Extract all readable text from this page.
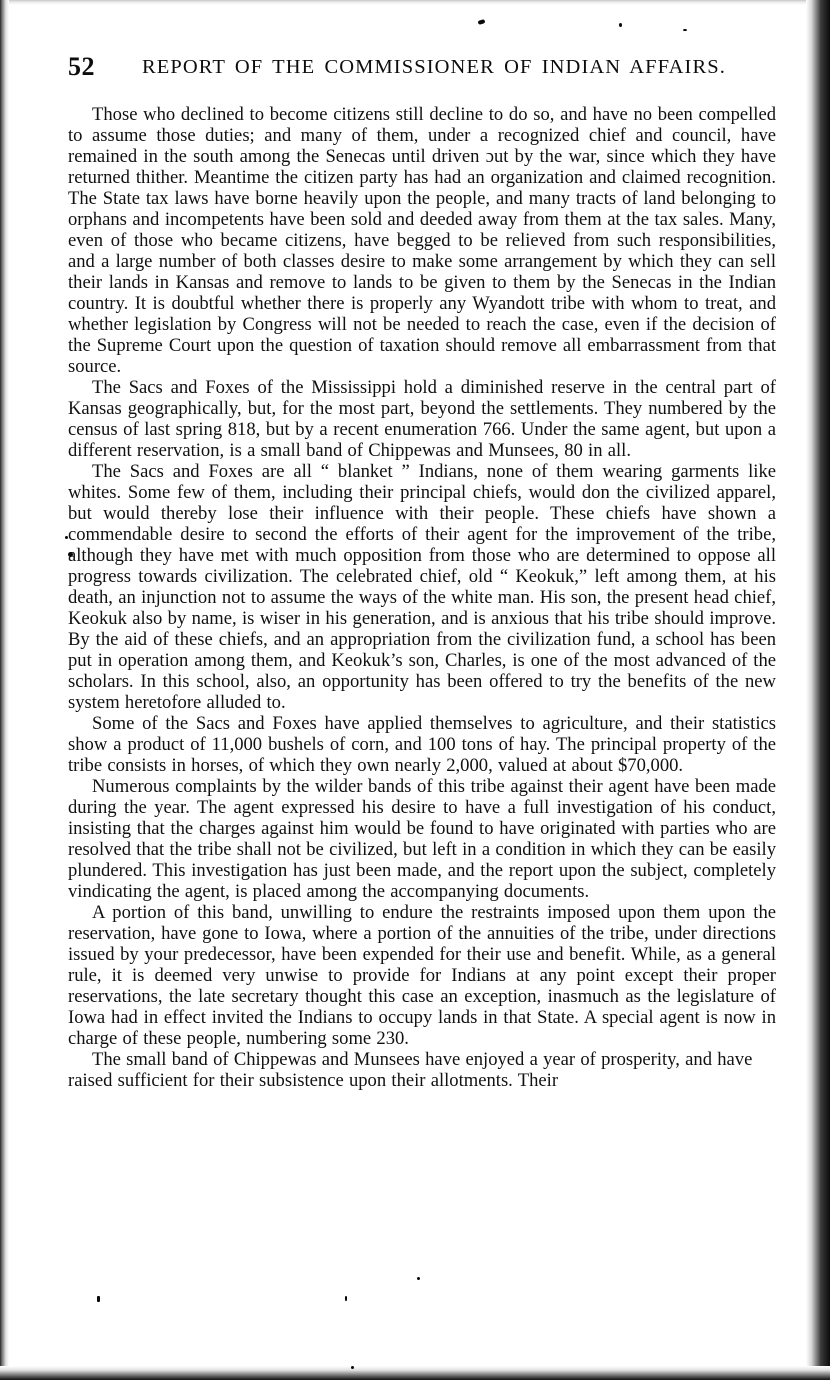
52 REPORT OF THE COMMISSIONER OF INDIAN AFFAIRS.

Those who declined to become citizens still decline to do so, and have no been compelled to assume those duties; and many of them, under a recognized chief and council, have remained in the south among the Senecas until driven ɔut by the war, since which they have returned thither. Meantime the citizen party has had an organization and claimed recognition. The State tax laws have borne heavily upon the people, and many tracts of land belonging to orphans and incompetents have been sold and deeded away from them at the tax sales. Many, even of those who became citizens, have begged to be relieved from such responsibilities, and a large number of both classes desire to make some arrangement by which they can sell their lands in Kansas and remove to lands to be given to them by the Senecas in the Indian country. It is doubtful whether there is properly any Wyandott tribe with whom to treat, and whether legislation by Congress will not be needed to reach the case, even if the decision of the Supreme Court upon the question of taxation should remove all embarrassment from that source.

The Sacs and Foxes of the Mississippi hold a diminished reserve in the central part of Kansas geographically, but, for the most part, beyond the settlements. They numbered by the census of last spring 818, but by a recent enumeration 766. Under the same agent, but upon a different reservation, is a small band of Chippewas and Munsees, 80 in all.

The Sacs and Foxes are all “ blanket ” Indians, none of them wearing garments like whites. Some few of them, including their principal chiefs, would don the civilized apparel, but would thereby lose their influence with their people. These chiefs have shown a commendable desire to second the efforts of their agent for the improvement of the tribe, although they have met with much opposition from those who are determined to oppose all progress towards civilization. The celebrated chief, old “ Keokuk,” left among them, at his death, an injunction not to assume the ways of the white man. His son, the present head chief, Keokuk also by name, is wiser in his generation, and is anxious that his tribe should improve. By the aid of these chiefs, and an appropriation from the civilization fund, a school has been put in operation among them, and Keokuk’s son, Charles, is one of the most advanced of the scholars. In this school, also, an opportunity has been offered to try the benefits of the new system heretofore alluded to.

Some of the Sacs and Foxes have applied themselves to agriculture, and their statistics show a product of 11,000 bushels of corn, and 100 tons of hay. The principal property of the tribe consists in horses, of which they own nearly 2,000, valued at about $70,000.

Numerous complaints by the wilder bands of this tribe against their agent have been made during the year. The agent expressed his desire to have a full investigation of his conduct, insisting that the charges against him would be found to have originated with parties who are resolved that the tribe shall not be civilized, but left in a condition in which they can be easily plundered. This investigation has just been made, and the report upon the subject, completely vindicating the agent, is placed among the accompanying documents.

A portion of this band, unwilling to endure the restraints imposed upon them upon the reservation, have gone to Iowa, where a portion of the annuities of the tribe, under directions issued by your predecessor, have been expended for their use and benefit. While, as a general rule, it is deemed very unwise to provide for Indians at any point except their proper reservations, the late secretary thought this case an exception, inasmuch as the legislature of Iowa had in effect invited the Indians to occupy lands in that State. A special agent is now in charge of these people, numbering some 230.

The small band of Chippewas and Munsees have enjoyed a year of prosperity, and have raised sufficient for their subsistence upon their allotments. Their
